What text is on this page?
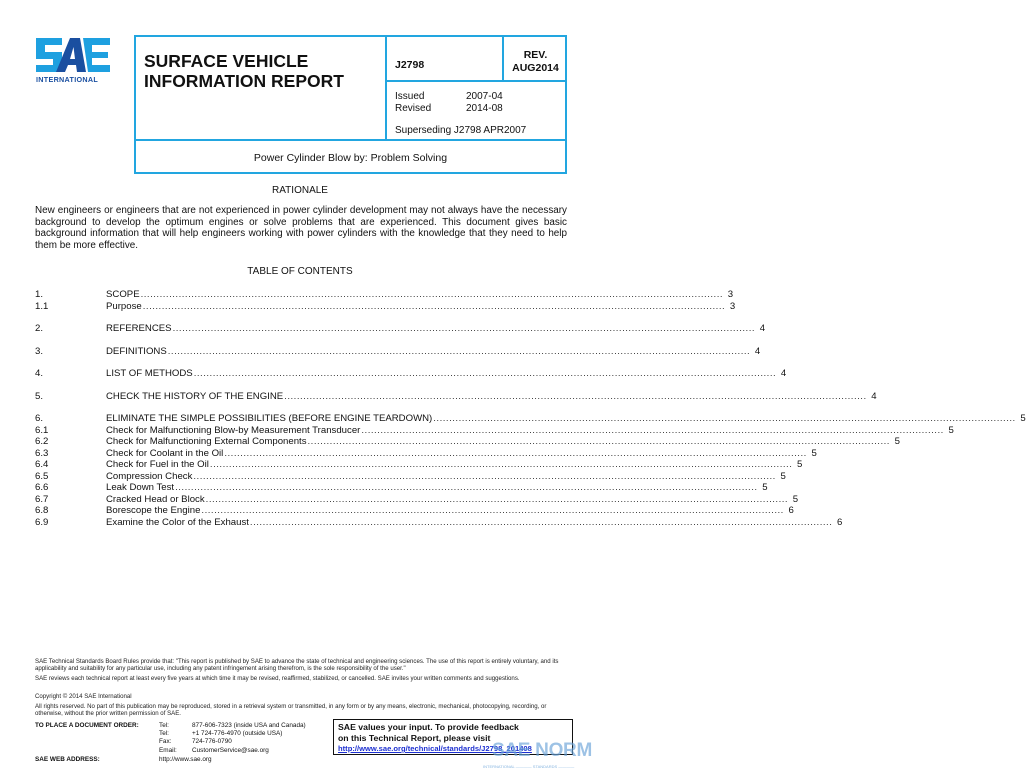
INTERNATIONAL
SURFACE VEHICLE
INFORMATION REPORT
J2798
REV.
AUG2014
Issued	2007-04
Revised	2014-08
Superseding J2798 APR2007
Power Cylinder Blow by: Problem Solving
RATIONALE
New engineers or engineers that are not experienced in power cylinder development may not always have the necessary background to develop the optimum engines or solve problems that are experienced. This document gives basic background information that will help engineers working with power cylinders with the knowledge that they need to help them be more effective.
TABLE OF CONTENTS
1.	SCOPE ........................................................................................................................................................................................ 3
1.1	Purpose ........................................................................................................................................................................................ 3
2.	REFERENCES ........................................................................................................................................................................................ 4
3.	DEFINITIONS ........................................................................................................................................................................................ 4
4.	LIST OF METHODS ........................................................................................................................................................................................ 4
5.	CHECK THE HISTORY OF THE ENGINE ........................................................................................................................................................................................ 4
6.	ELIMINATE THE SIMPLE POSSIBILITIES (BEFORE ENGINE TEARDOWN) ........................................................................................................................................................................................ 5
6.1	Check for Malfunctioning Blow-by Measurement Transducer ........................................................................................................................................................................................ 5
6.2	Check for Malfunctioning External Components ........................................................................................................................................................................................ 5
6.3	Check for Coolant in the Oil ........................................................................................................................................................................................ 5
6.4	Check for Fuel in the Oil ........................................................................................................................................................................................ 5
6.5	Compression Check ........................................................................................................................................................................................ 5
6.6	Leak Down Test ........................................................................................................................................................................................ 5
6.7	Cracked Head or Block ........................................................................................................................................................................................ 5
6.8	Borescope the Engine ........................................................................................................................................................................................ 6
6.9	Examine the Color of the Exhaust ........................................................................................................................................................................................ 6
SAE Technical Standards Board Rules provide that: "This report is published by SAE to advance the state of technical and engineering sciences. The use of this report is entirely voluntary, and its applicability and suitability for any particular use, including any patent infringement arising therefrom, is the sole responsibility of the user."
SAE reviews each technical report at least every five years at which time it may be revised, reaffirmed, stabilized, or cancelled. SAE invites your written comments and suggestions.
Copyright © 2014 SAE International
All rights reserved. No part of this publication may be reproduced, stored in a retrieval system or transmitted, in any form or by any means, electronic, mechanical, photocopying, recording, or otherwise, without the prior written permission of SAE.
TO PLACE A DOCUMENT ORDER:	Tel:	877-606-7323 (inside USA and Canada)
Tel:	+1 724-776-4970 (outside USA)
Fax:	724-776-0790
Email: CustomerService@sae.org
SAE WEB ADDRESS:	http://www.sae.org
SAE values your input. To provide feedback
on this Technical Report, please visit
http://www.sae.org/technical/standards/J2798_201408
SAE NORM
INTERNATIONAL ———— STANDARDS ————
